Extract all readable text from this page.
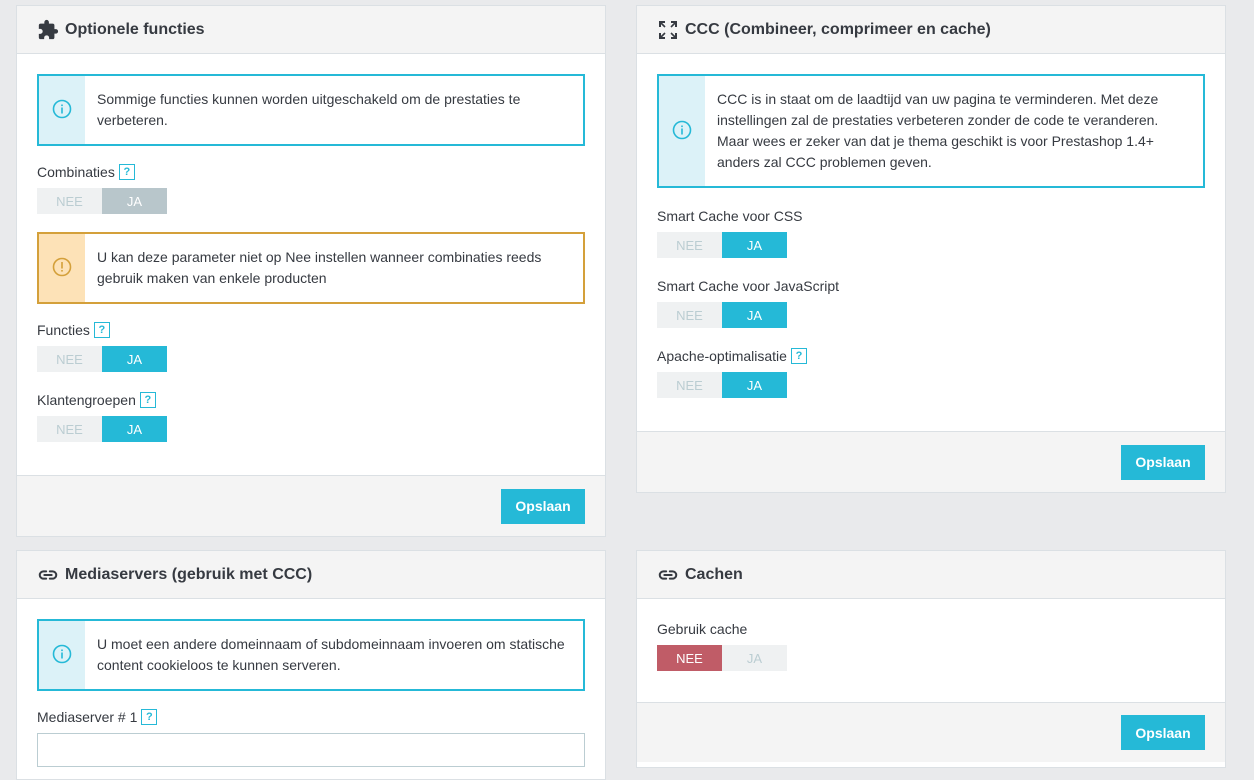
Optionele functies
Sommige functies kunnen worden uitgeschakeld om de prestaties te verbeteren.
Combinaties ?
NEE	JA
U kan deze parameter niet op Nee instellen wanneer combinaties reeds gebruik maken van enkele producten
Functies ?
NEE	JA
Klantengroepen ?
NEE	JA
Opslaan
CCC (Combineer, comprimeer en cache)
CCC is in staat om de laadtijd van uw pagina te verminderen. Met deze instellingen zal de prestaties verbeteren zonder de code te veranderen. Maar wees er zeker van dat je thema geschikt is voor Prestashop 1.4+ anders zal CCC problemen geven.
Smart Cache voor CSS
NEE	JA
Smart Cache voor JavaScript
NEE	JA
Apache-optimalisatie ?
NEE	JA
Opslaan
Mediaservers (gebruik met CCC)
U moet een andere domeinnaam of subdomeinnaam invoeren om statische content cookieloos te kunnen serveren.
Mediaserver # 1 ?
Cachen
Gebruik cache
NEE	JA
Opslaan
